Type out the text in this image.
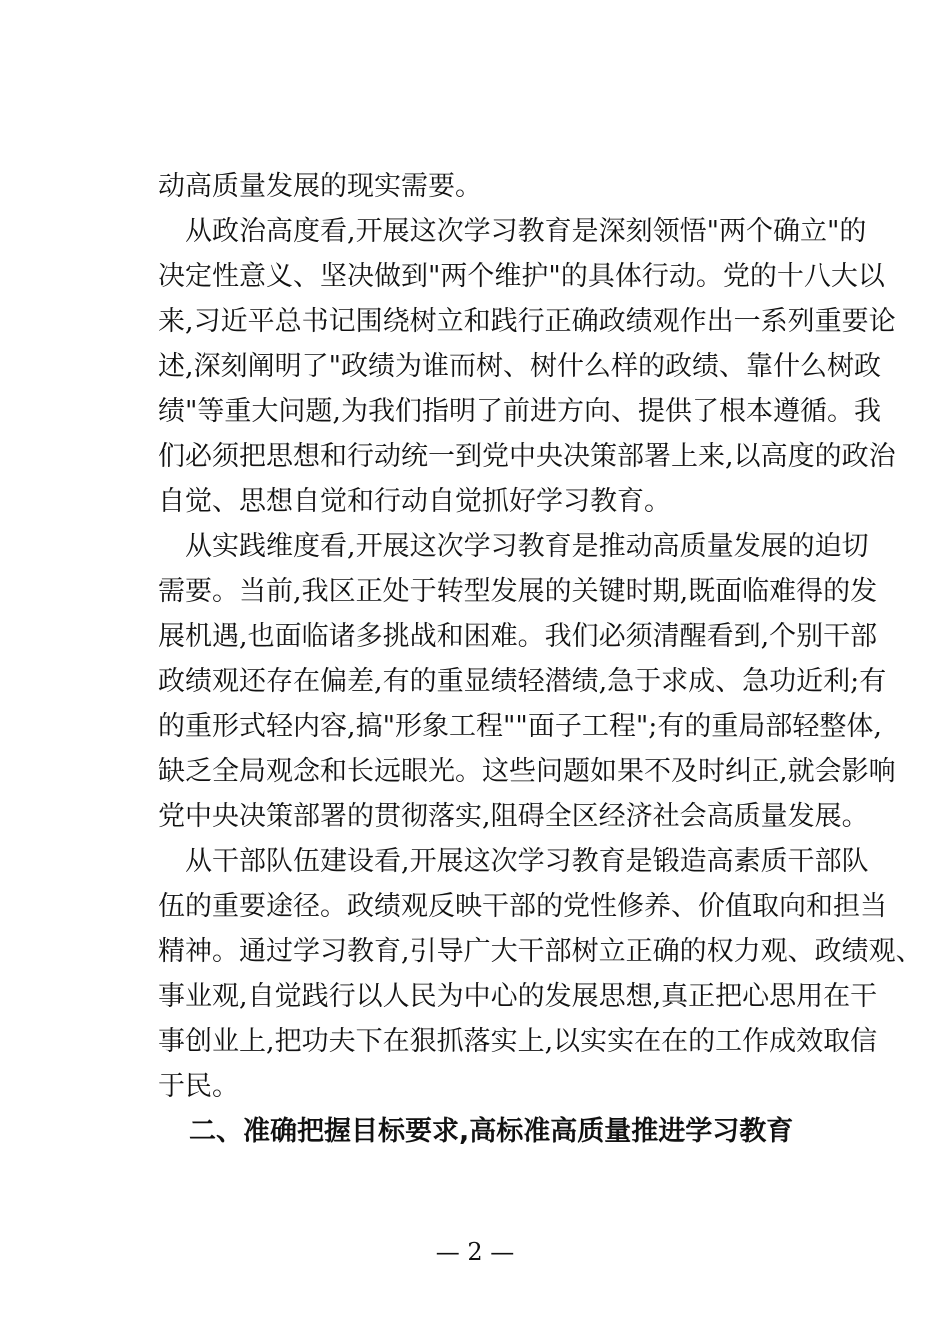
动高质量发展的现实需要。
　从政治高度看,开展这次学习教育是深刻领悟"两个确立"的
决定性意义、坚决做到"两个维护"的具体行动。党的十八大以
来,习近平总书记围绕树立和践行正确政绩观作出一系列重要论
述,深刻阐明了"政绩为谁而树、树什么样的政绩、靠什么树政
绩"等重大问题,为我们指明了前进方向、提供了根本遵循。我
们必须把思想和行动统一到党中央决策部署上来,以高度的政治
自觉、思想自觉和行动自觉抓好学习教育。
　从实践维度看,开展这次学习教育是推动高质量发展的迫切
需要。当前,我区正处于转型发展的关键时期,既面临难得的发
展机遇,也面临诸多挑战和困难。我们必须清醒看到,个别干部
政绩观还存在偏差,有的重显绩轻潜绩,急于求成、急功近利;有
的重形式轻内容,搞"形象工程""面子工程";有的重局部轻整体,
缺乏全局观念和长远眼光。这些问题如果不及时纠正,就会影响
党中央决策部署的贯彻落实,阻碍全区经济社会高质量发展。
　从干部队伍建设看,开展这次学习教育是锻造高素质干部队
伍的重要途径。政绩观反映干部的党性修养、价值取向和担当
精神。通过学习教育,引导广大干部树立正确的权力观、政绩观、
事业观,自觉践行以人民为中心的发展思想,真正把心思用在干
事创业上,把功夫下在狠抓落实上,以实实在在的工作成效取信
于民。
　二、准确把握目标要求,高标准高质量推进学习教育
— 2 —
